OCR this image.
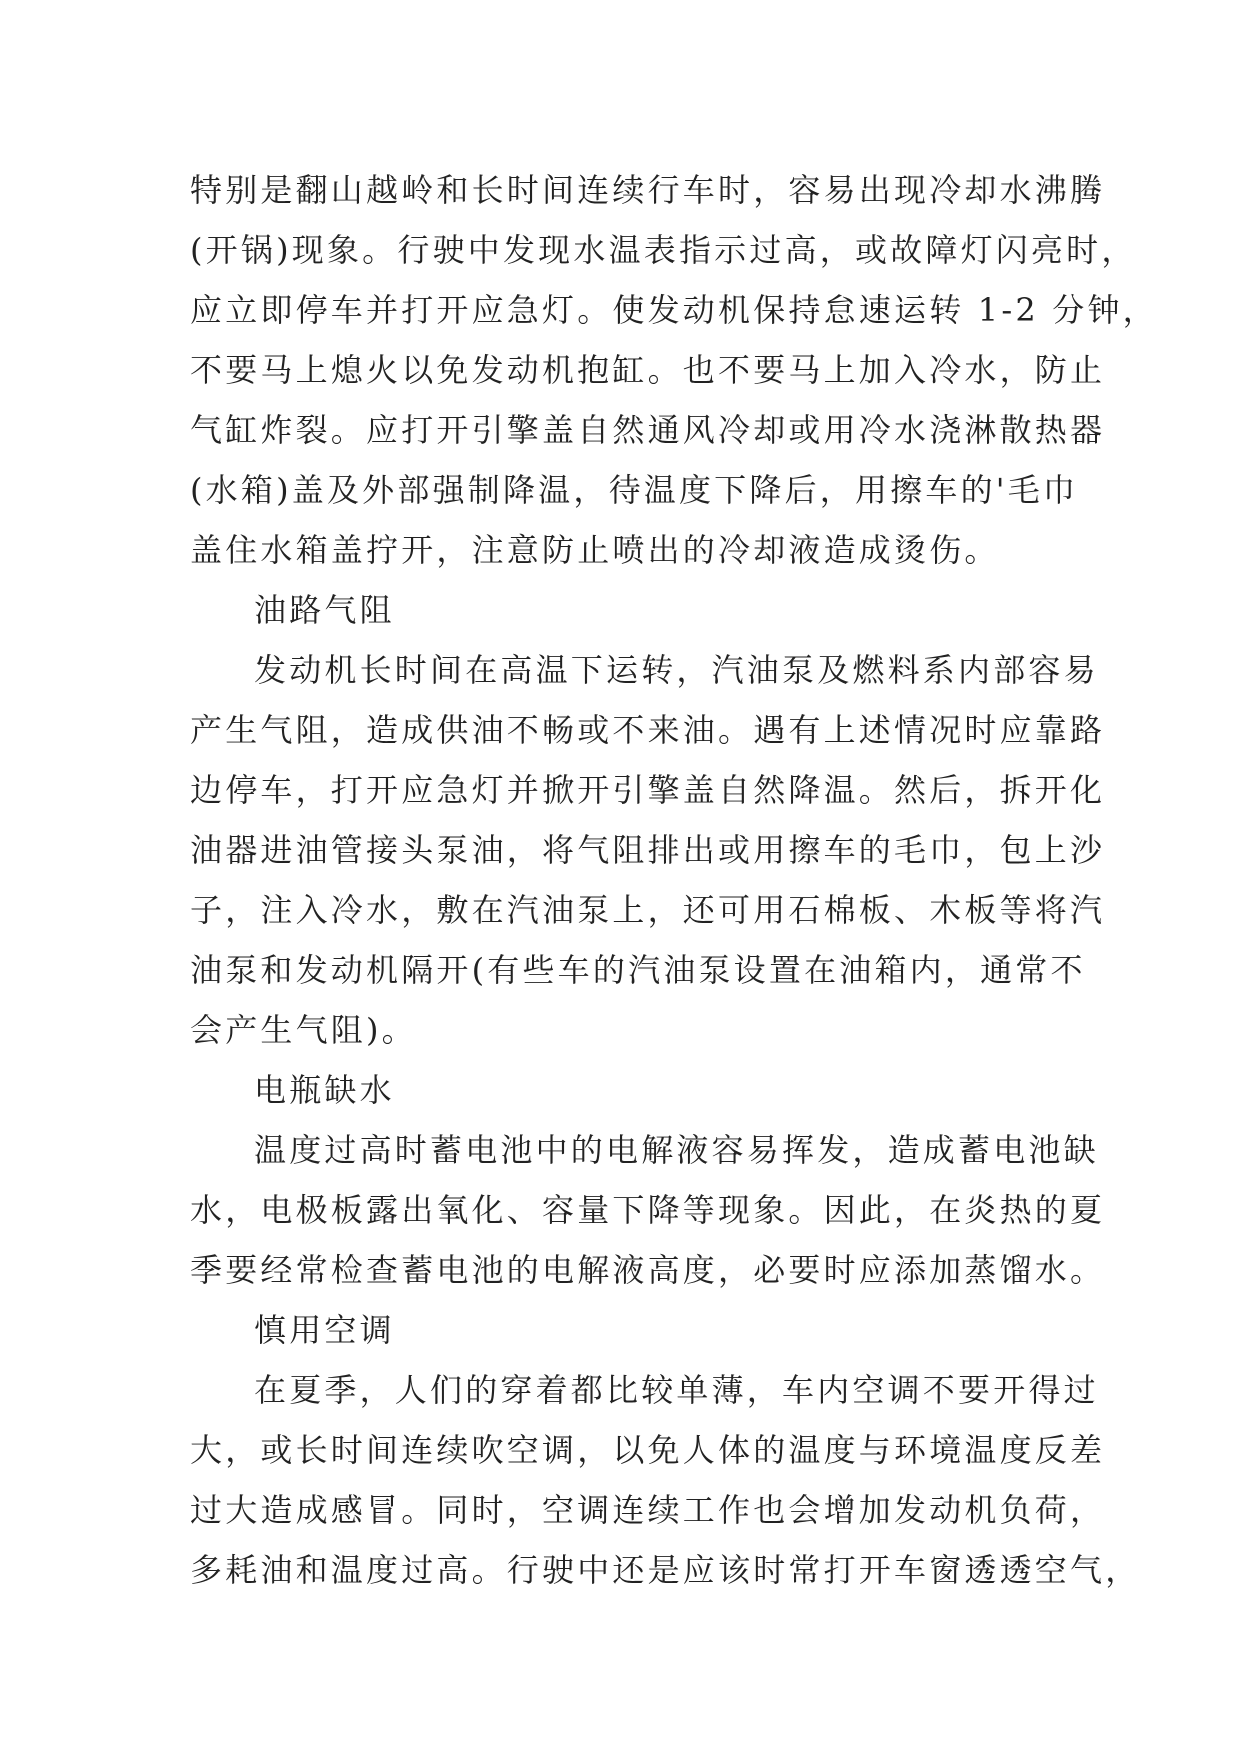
特别是翻山越岭和长时间连续行车时，容易出现冷却水沸腾
(开锅)现象。行驶中发现水温表指示过高，或故障灯闪亮时，
应立即停车并打开应急灯。使发动机保持怠速运转 1-2 分钟，
不要马上熄火以免发动机抱缸。也不要马上加入冷水，防止
气缸炸裂。应打开引擎盖自然通风冷却或用冷水浇淋散热器
(水箱)盖及外部强制降温，待温度下降后，用擦车的'毛巾
盖住水箱盖拧开，注意防止喷出的冷却液造成烫伤。
油路气阻
发动机长时间在高温下运转，汽油泵及燃料系内部容易
产生气阻，造成供油不畅或不来油。遇有上述情况时应靠路
边停车，打开应急灯并掀开引擎盖自然降温。然后，拆开化
油器进油管接头泵油，将气阻排出或用擦车的毛巾，包上沙
子，注入冷水，敷在汽油泵上，还可用石棉板、木板等将汽
油泵和发动机隔开(有些车的汽油泵设置在油箱内，通常不
会产生气阻)。
电瓶缺水
温度过高时蓄电池中的电解液容易挥发，造成蓄电池缺
水，电极板露出氧化、容量下降等现象。因此，在炎热的夏
季要经常检查蓄电池的电解液高度，必要时应添加蒸馏水。
慎用空调
在夏季，人们的穿着都比较单薄，车内空调不要开得过
大，或长时间连续吹空调，以免人体的温度与环境温度反差
过大造成感冒。同时，空调连续工作也会增加发动机负荷，
多耗油和温度过高。行驶中还是应该时常打开车窗透透空气，
